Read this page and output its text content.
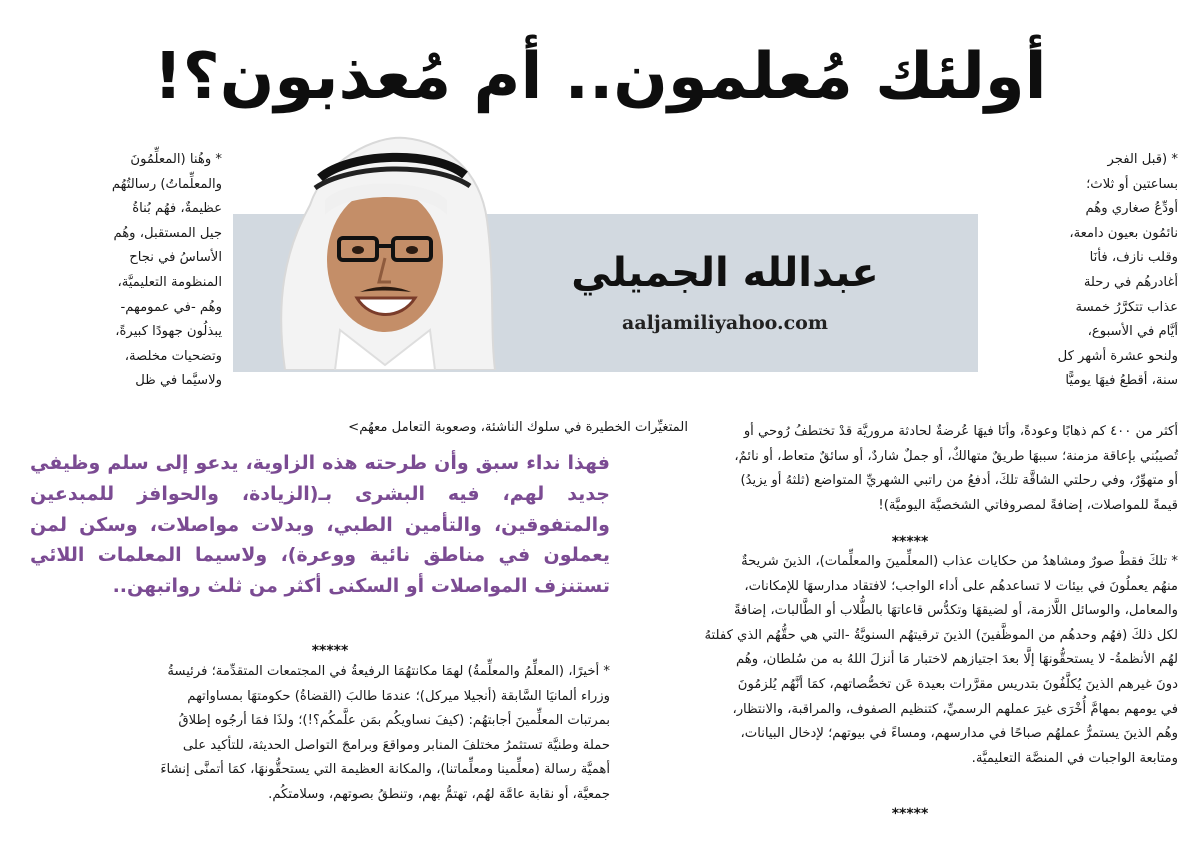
أولئك مُعلمون.. أم مُعذبون؟!
عبدالله الجميلي
aaljamiliyahoo.com
* (قبل الفجر
بساعتين أو ثلاث؛
أودِّعُ صغاري وهُم
نائمُون بعيون دامعة،
وقلب نازف، فأنَا
أغادرهُم في رحلة
عذاب تتكرَّرُ خمسة
أيَّام في الأسبوع،
ولنحو عشرة أشهر كل
سنة، أقطعُ فيهَا يوميًّا
* وهُنا (المعلِّمُونَ
والمعلِّماتُ) رسالتُهُم
عظيمةٌ، فهُم بُناةُ
جيل المستقبل، وهُم
الأساسُ في نجاح
المنظومة التعليميَّة،
وهُم -في عمومهم-
يبذلُون جهودًا كبيرةً،
وتضحيات مخلصة،
ولاسيَّما في ظل
المتغيِّرات الخطيرة في سلوك الناشئة، وصعوبة التعامل معهُم>	أكثر من ٤٠٠ كم ذهابًا وعودةً، وأنَا فيهَا عُرضةٌ لحادثة مروريَّة قدْ تختطفُ رُوحي أو
تُصيبُني بإعاقة مزمنة؛ سببهَا طريقٌ متهالكٌ، أو جملٌ شاردٌ، أو سائقٌ متعاط، أو نائمٌ،
أو متهوِّرٌ، وفي رحلتي الشاقَّة تلكَ، أدفعُ من راتبي الشهريِّ المتواضع (ثلثهُ أو يزيدُ)
قيمةً للمواصلات، إضافةً لمصروفاتي الشخصيَّة اليوميَّة)!
فهذا نداء سبق وأن طرحته هذه الزاوية، يدعو إلى سلم وظيفي جديد لهم، فيه البشرى بـ(الزيادة، والحوافز للمبدعين والمتفوقين، والتأمين الطبي، وبدلات مواصلات، وسكن لمن يعملون في مناطق نائية ووعرة)، ولاسيما المعلمات اللائي تستنزف المواصلات أو السكنى أكثر من ثلث رواتبهن..
*****
* تلكَ فقطْ صورٌ ومشاهدُ من حكايات عذاب (المعلِّمينَ والمعلِّمات)، الذينَ شريحةٌ
منهُم يعملُونَ في بيئات لا تساعدهُم على أداء الواجب؛ لافتقاد مدارسهَا للإمكانات،
والمعامل، والوسائل اللَّازمة، أو لضيقهَا وتكدُّس قاعاتهَا بالطُّلاب أو الطَّالبات، إضافةً
لكل ذلكَ (فهُم وحدهُم من الموظَّفينَ) الذينَ ترقيتهُم السنويَّةُ -التي هي حقُّهُم الذي كفلتهُ
لهُم الأنظمةُ- لا يستحقُّونهَا إلَّا بعدَ اجتيازهم لاختبار مَا أنزلَ اللهُ به من سُلطان، وهُم
دونَ غيرهم الذينَ يُكلَّفُونَ بتدريس مقرَّرات بعيدة عَن تخصُّصاتهم، كمَا أنَّهُم يُلزمُونَ
في يومهم بمهامَّ أُخْرَى غيرَ عملهم الرسميِّ، كتنظيم الصفوف، والمراقبة، والانتظار،
وهُم الذينَ يستمرُّ عملهُم صباحًا في مدارسهم، ومساءً في بيوتهم؛ لإدخال البيانات،
ومتابعة الواجبات في المنصَّة التعليميَّة.
*****
* أخيرًا، (المعلِّمُ والمعلِّمةُ) لهمَا مكانتهُمَا الرفيعةُ في المجتمعات المتقدِّمة؛ فرئيسةُ
وزراء ألمانيَا السَّابقة (أنجيلا ميركل)؛ عندمَا طالبَ (القضاةُ) حكومتهَا بمساواتهم
بمرتبات المعلِّمينَ أجابتهُم: (كيفَ نساويكُم بمَن علَّمكُم؟!)؛ ولذَا فمَا أرجُوه إطلاقُ
حملة وطنيَّة تستثمرُ مختلفَ المنابر ومواقعَ وبرامجَ التواصل الحديثة، للتأكيد على
أهميَّة رسالة (معلِّمينا ومعلِّماتنا)، والمكانة العظيمة التي يستحقُّونهَا، كمَا أتمنَّى إنشاءَ
جمعيَّة، أو نقابة عامَّة لهُم، تهتمُّ بهم، وتنطقُ بصوتهم، وسلامتكُم.
*****
